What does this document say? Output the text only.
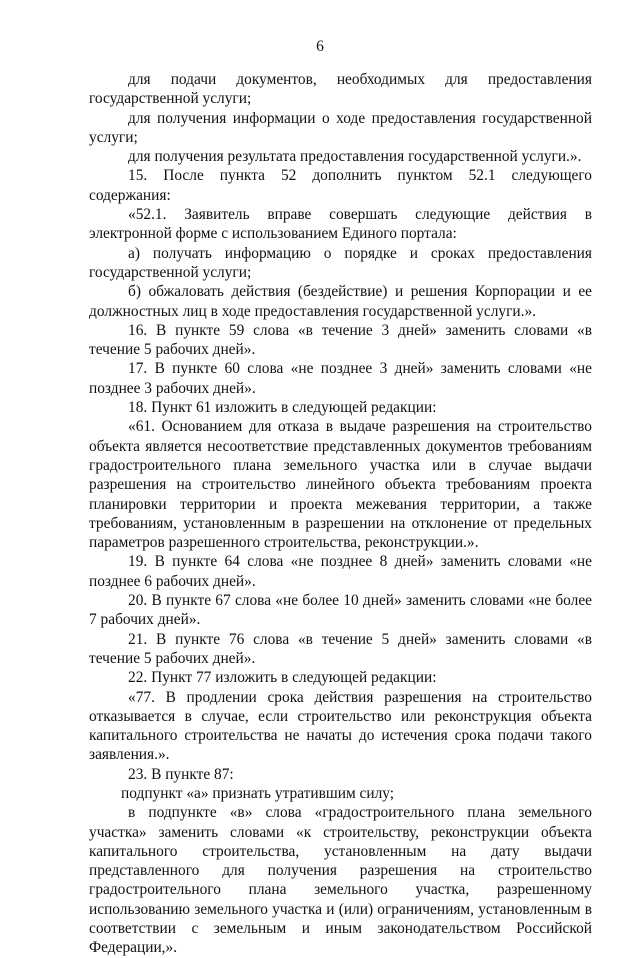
6

для подачи документов, необходимых для предоставления государственной услуги;

для получения информации о ходе предоставления государственной услуги;

для получения результата предоставления государственной услуги.».

15. После пункта 52 дополнить пунктом 52.1 следующего содержания:

«52.1. Заявитель вправе совершать следующие действия в электронной форме с использованием Единого портала:

а) получать информацию о порядке и сроках предоставления государственной услуги;

б) обжаловать действия (бездействие) и решения Корпорации и ее должностных лиц в ходе предоставления государственной услуги.».

16. В пункте 59 слова «в течение 3 дней» заменить словами «в течение 5 рабочих дней».

17. В пункте 60 слова «не позднее 3 дней» заменить словами «не позднее 3 рабочих дней».

18. Пункт 61 изложить в следующей редакции:

«61. Основанием для отказа в выдаче разрешения на строительство объекта является несоответствие представленных документов требованиям градостроительного плана земельного участка или в случае выдачи разрешения на строительство линейного объекта требованиям проекта планировки территории и проекта межевания территории, а также требованиям, установленным в разрешении на отклонение от предельных параметров разрешенного строительства, реконструкции.».

19. В пункте 64 слова «не позднее 8 дней» заменить словами «не позднее 6 рабочих дней».

20. В пункте 67 слова «не более 10 дней» заменить словами «не более 7 рабочих дней».

21. В пункте 76 слова «в течение 5 дней» заменить словами «в течение 5 рабочих дней».

22. Пункт 77 изложить в следующей редакции:

«77. В продлении срока действия разрешения на строительство отказывается в случае, если строительство или реконструкция объекта капитального строительства не начаты до истечения срока подачи такого заявления.».

23. В пункте 87:

подпункт «а» признать утратившим силу;

в подпункте «в» слова «градостроительного плана земельного участка» заменить словами «к строительству, реконструкции объекта капитального строительства, установленным на дату выдачи представленного для получения разрешения на строительство градостроительного плана земельного участка, разрешенному использованию земельного участка и (или) ограничениям, установленным в соответствии с земельным и иным законодательством Российской Федерации,».
